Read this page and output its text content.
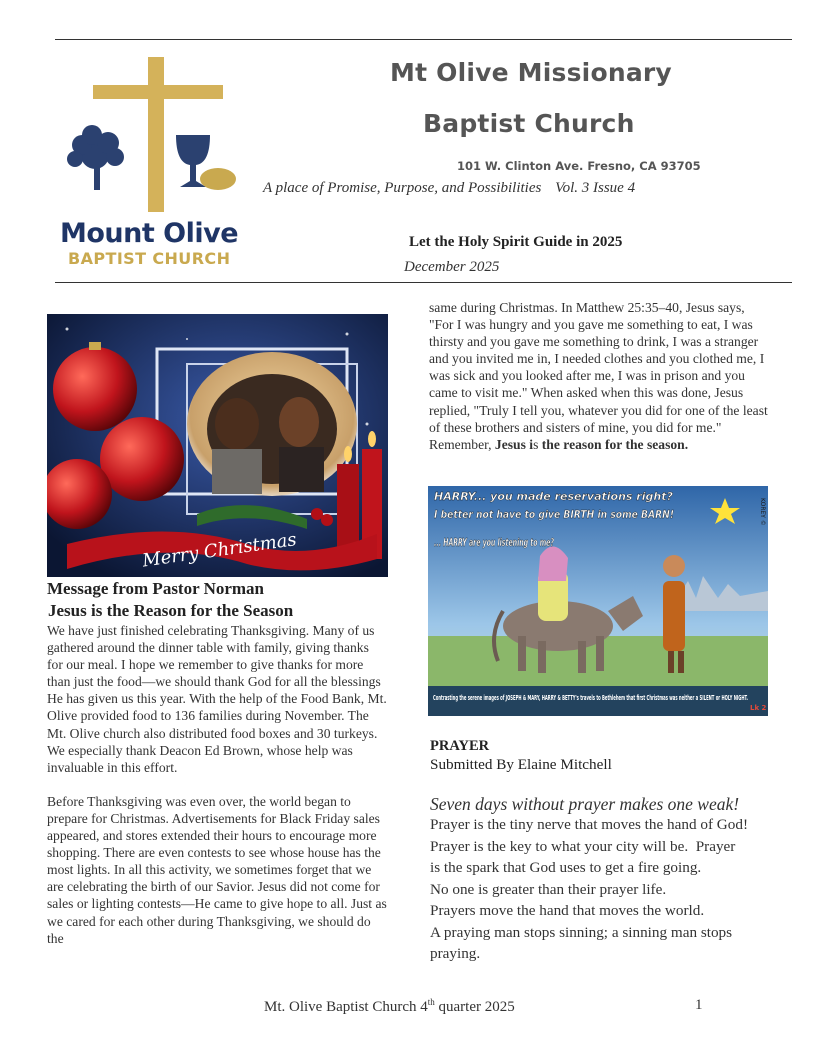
Mount Olive
BAPTIST CHURCH
Mt Olive Missionary
Baptist Church
101 W. Clinton Ave. Fresno, CA 93705
A place of Promise, Purpose, and Possibilities Vol. 3 Issue 4
Let the Holy Spirit Guide in 2025
December 2025
Merry Christmas
Message from Pastor Norman
Jesus is the Reason for the Season

We have just finished celebrating Thanksgiving. Many of us gathered around the dinner table with family, giving thanks for our meal. I hope we remember to give thanks for more than just the food—we should thank God for all the blessings He has given us this year. With the help of the Food Bank, Mt. Olive provided food to 136 families during November. The Mt. Olive church also distributed food boxes and 30 turkeys. We especially thank Deacon Ed Brown, whose help was invaluable in this effort.

Before Thanksgiving was even over, the world began to prepare for Christmas. Advertisements for Black Friday sales appeared, and stores extended their hours to encourage more shopping. There are even contests to see whose house has the most lights. In all this activity, we sometimes forget that we are celebrating the birth of our Savior. Jesus did not come for sales or lighting contests—He came to give hope to all. Just as we cared for each other during Thanksgiving, we should do the

same during Christmas. In Matthew 25:35–40, Jesus says, "For I was hungry and you gave me something to eat, I was thirsty and you gave me something to drink, I was a stranger and you invited me in, I needed clothes and you clothed me, I was sick and you looked after me, I was in prison and you came to visit me." When asked when this was done, Jesus replied, "Truly I tell you, whatever you did for one of the least of these brothers and sisters of mine, you did for me." Remember, Jesus is the reason for the season.
HARRY... you made reservations right?
I better not have to give BIRTH in some BARN!
... HARRY are you listening to me?
KOREY ©
Contrasting the serene images of JOSEPH & MARY, HARRY & BETTY's travels to Bethlehem that first Christmas was neither a SILENT or HOLY NIGHT.
Lk 2
PRAYER
Submitted By Elaine Mitchell
Seven days without prayer makes one weak!
Prayer is the tiny nerve that moves the hand of God!
Prayer is the key to what your city will be.  Prayer
is the spark that God uses to get a fire going.
No one is greater than their prayer life.
Prayers move the hand that moves the world.
A praying man stops sinning; a sinning man stops
praying.
Mt. Olive Baptist Church 4th quarter 2025	1
